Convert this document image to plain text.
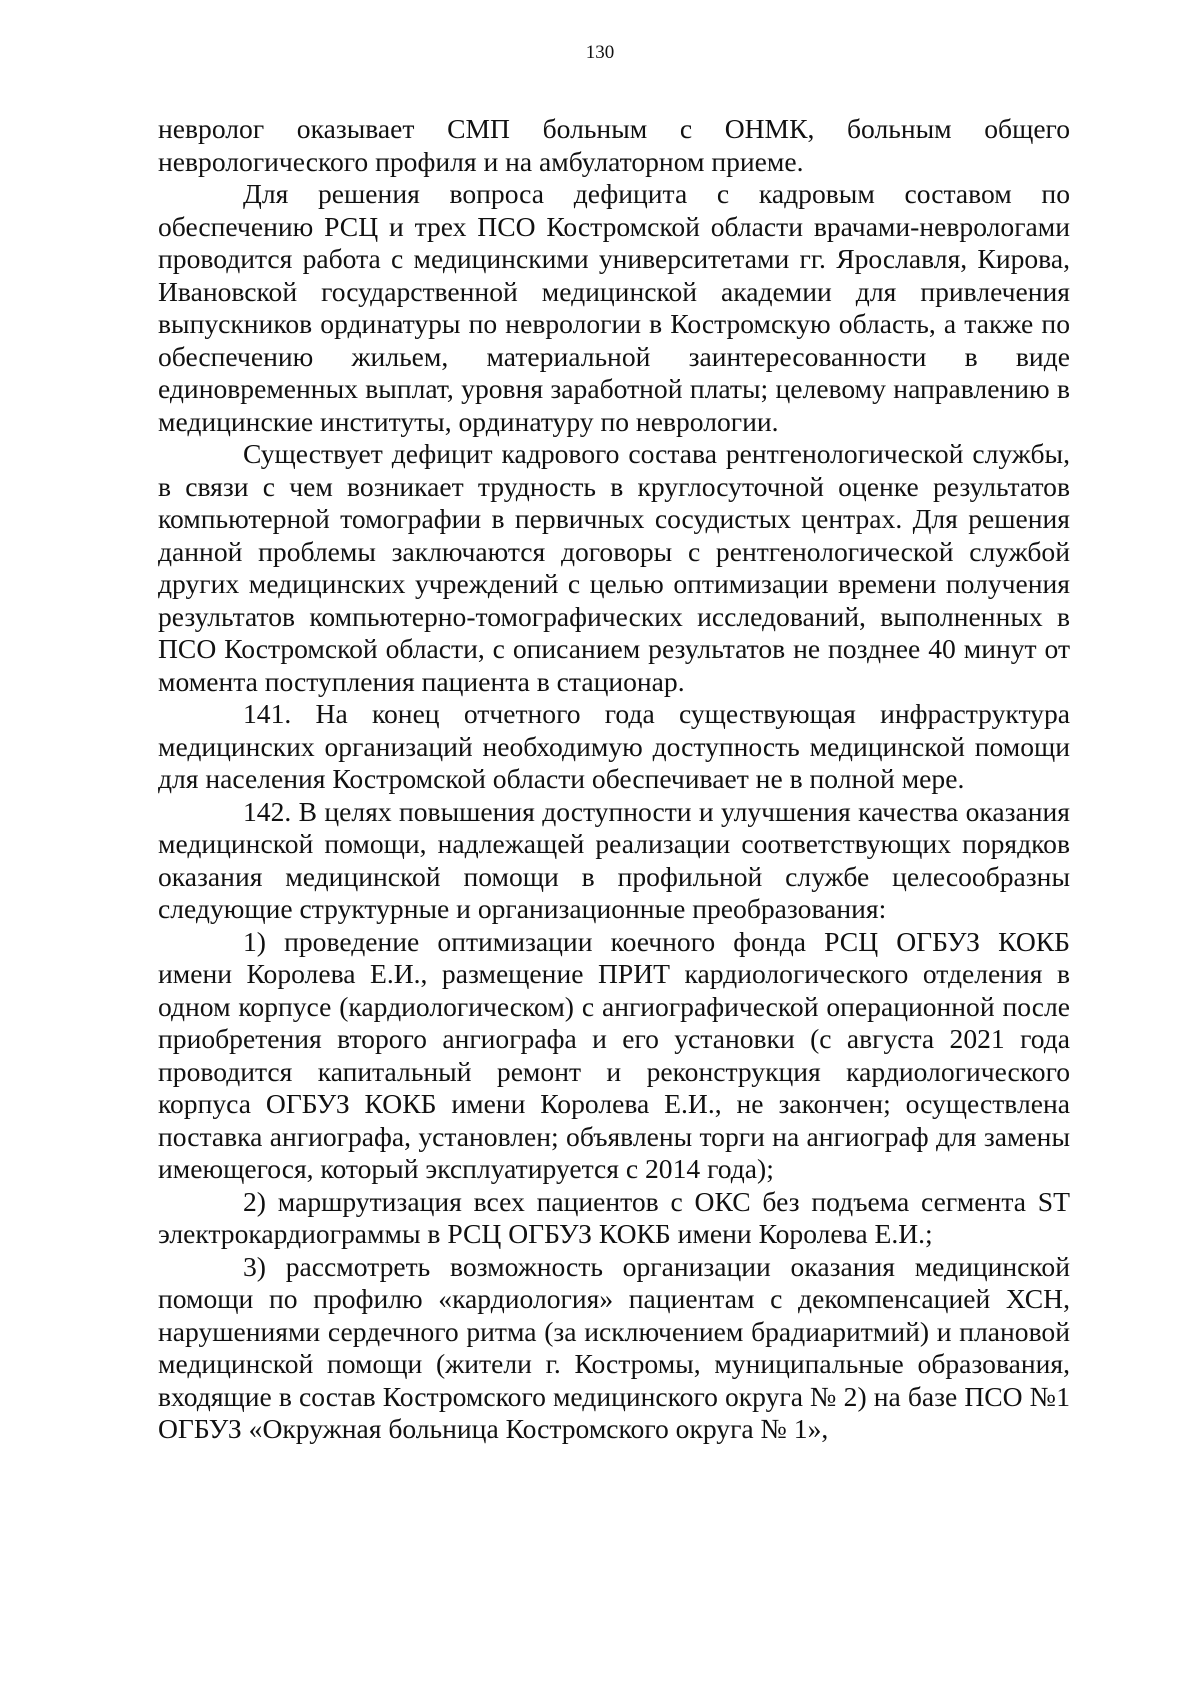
130

невролог оказывает СМП больным с ОНМК, больным общего неврологического профиля и на амбулаторном приеме.

Для решения вопроса дефицита с кадровым составом по обеспечению РСЦ и трех ПСО Костромской области врачами-неврологами проводится работа с медицинскими университетами гг. Ярославля, Кирова, Ивановской государственной медицинской академии для привлечения выпускников ординатуры по неврологии в Костромскую область, а также по обеспечению жильем, материальной заинтересованности в виде единовременных выплат, уровня заработной платы; целевому направлению в медицинские институты, ординатуру по неврологии.

Существует дефицит кадрового состава рентгенологической службы, в связи с чем возникает трудность в круглосуточной оценке результатов компьютерной томографии в первичных сосудистых центрах. Для решения данной проблемы заключаются договоры с рентгенологической службой других медицинских учреждений с целью оптимизации времени получения результатов компьютерно-томографических исследований, выполненных в ПСО Костромской области, с описанием результатов не позднее 40 минут от момента поступления пациента в стационар.

141. На конец отчетного года существующая инфраструктура медицинских организаций необходимую доступность медицинской помощи для населения Костромской области обеспечивает не в полной мере.

142. В целях повышения доступности и улучшения качества оказания медицинской помощи, надлежащей реализации соответствующих порядков оказания медицинской помощи в профильной службе целесообразны следующие структурные и организационные преобразования:

1) проведение оптимизации коечного фонда РСЦ ОГБУЗ КОКБ имени Королева Е.И., размещение ПРИТ кардиологического отделения в одном корпусе (кардиологическом) с ангиографической операционной после приобретения второго ангиографа и его установки (с августа 2021 года проводится капитальный ремонт и реконструкция кардиологического корпуса ОГБУЗ КОКБ имени Королева Е.И., не закончен; осуществлена поставка ангиографа, установлен; объявлены торги на ангиограф для замены имеющегося, который эксплуатируется с 2014 года);

2) маршрутизация всех пациентов с ОКС без подъема сегмента ST электрокардиограммы в РСЦ ОГБУЗ КОКБ имени Королева Е.И.;

3) рассмотреть возможность организации оказания медицинской помощи по профилю «кардиология» пациентам с декомпенсацией ХСН, нарушениями сердечного ритма (за исключением брадиаритмий) и плановой медицинской помощи (жители г. Костромы, муниципальные образования, входящие в состав Костромского медицинского округа № 2) на базе ПСО №1 ОГБУЗ «Окружная больница Костромского округа № 1»,
